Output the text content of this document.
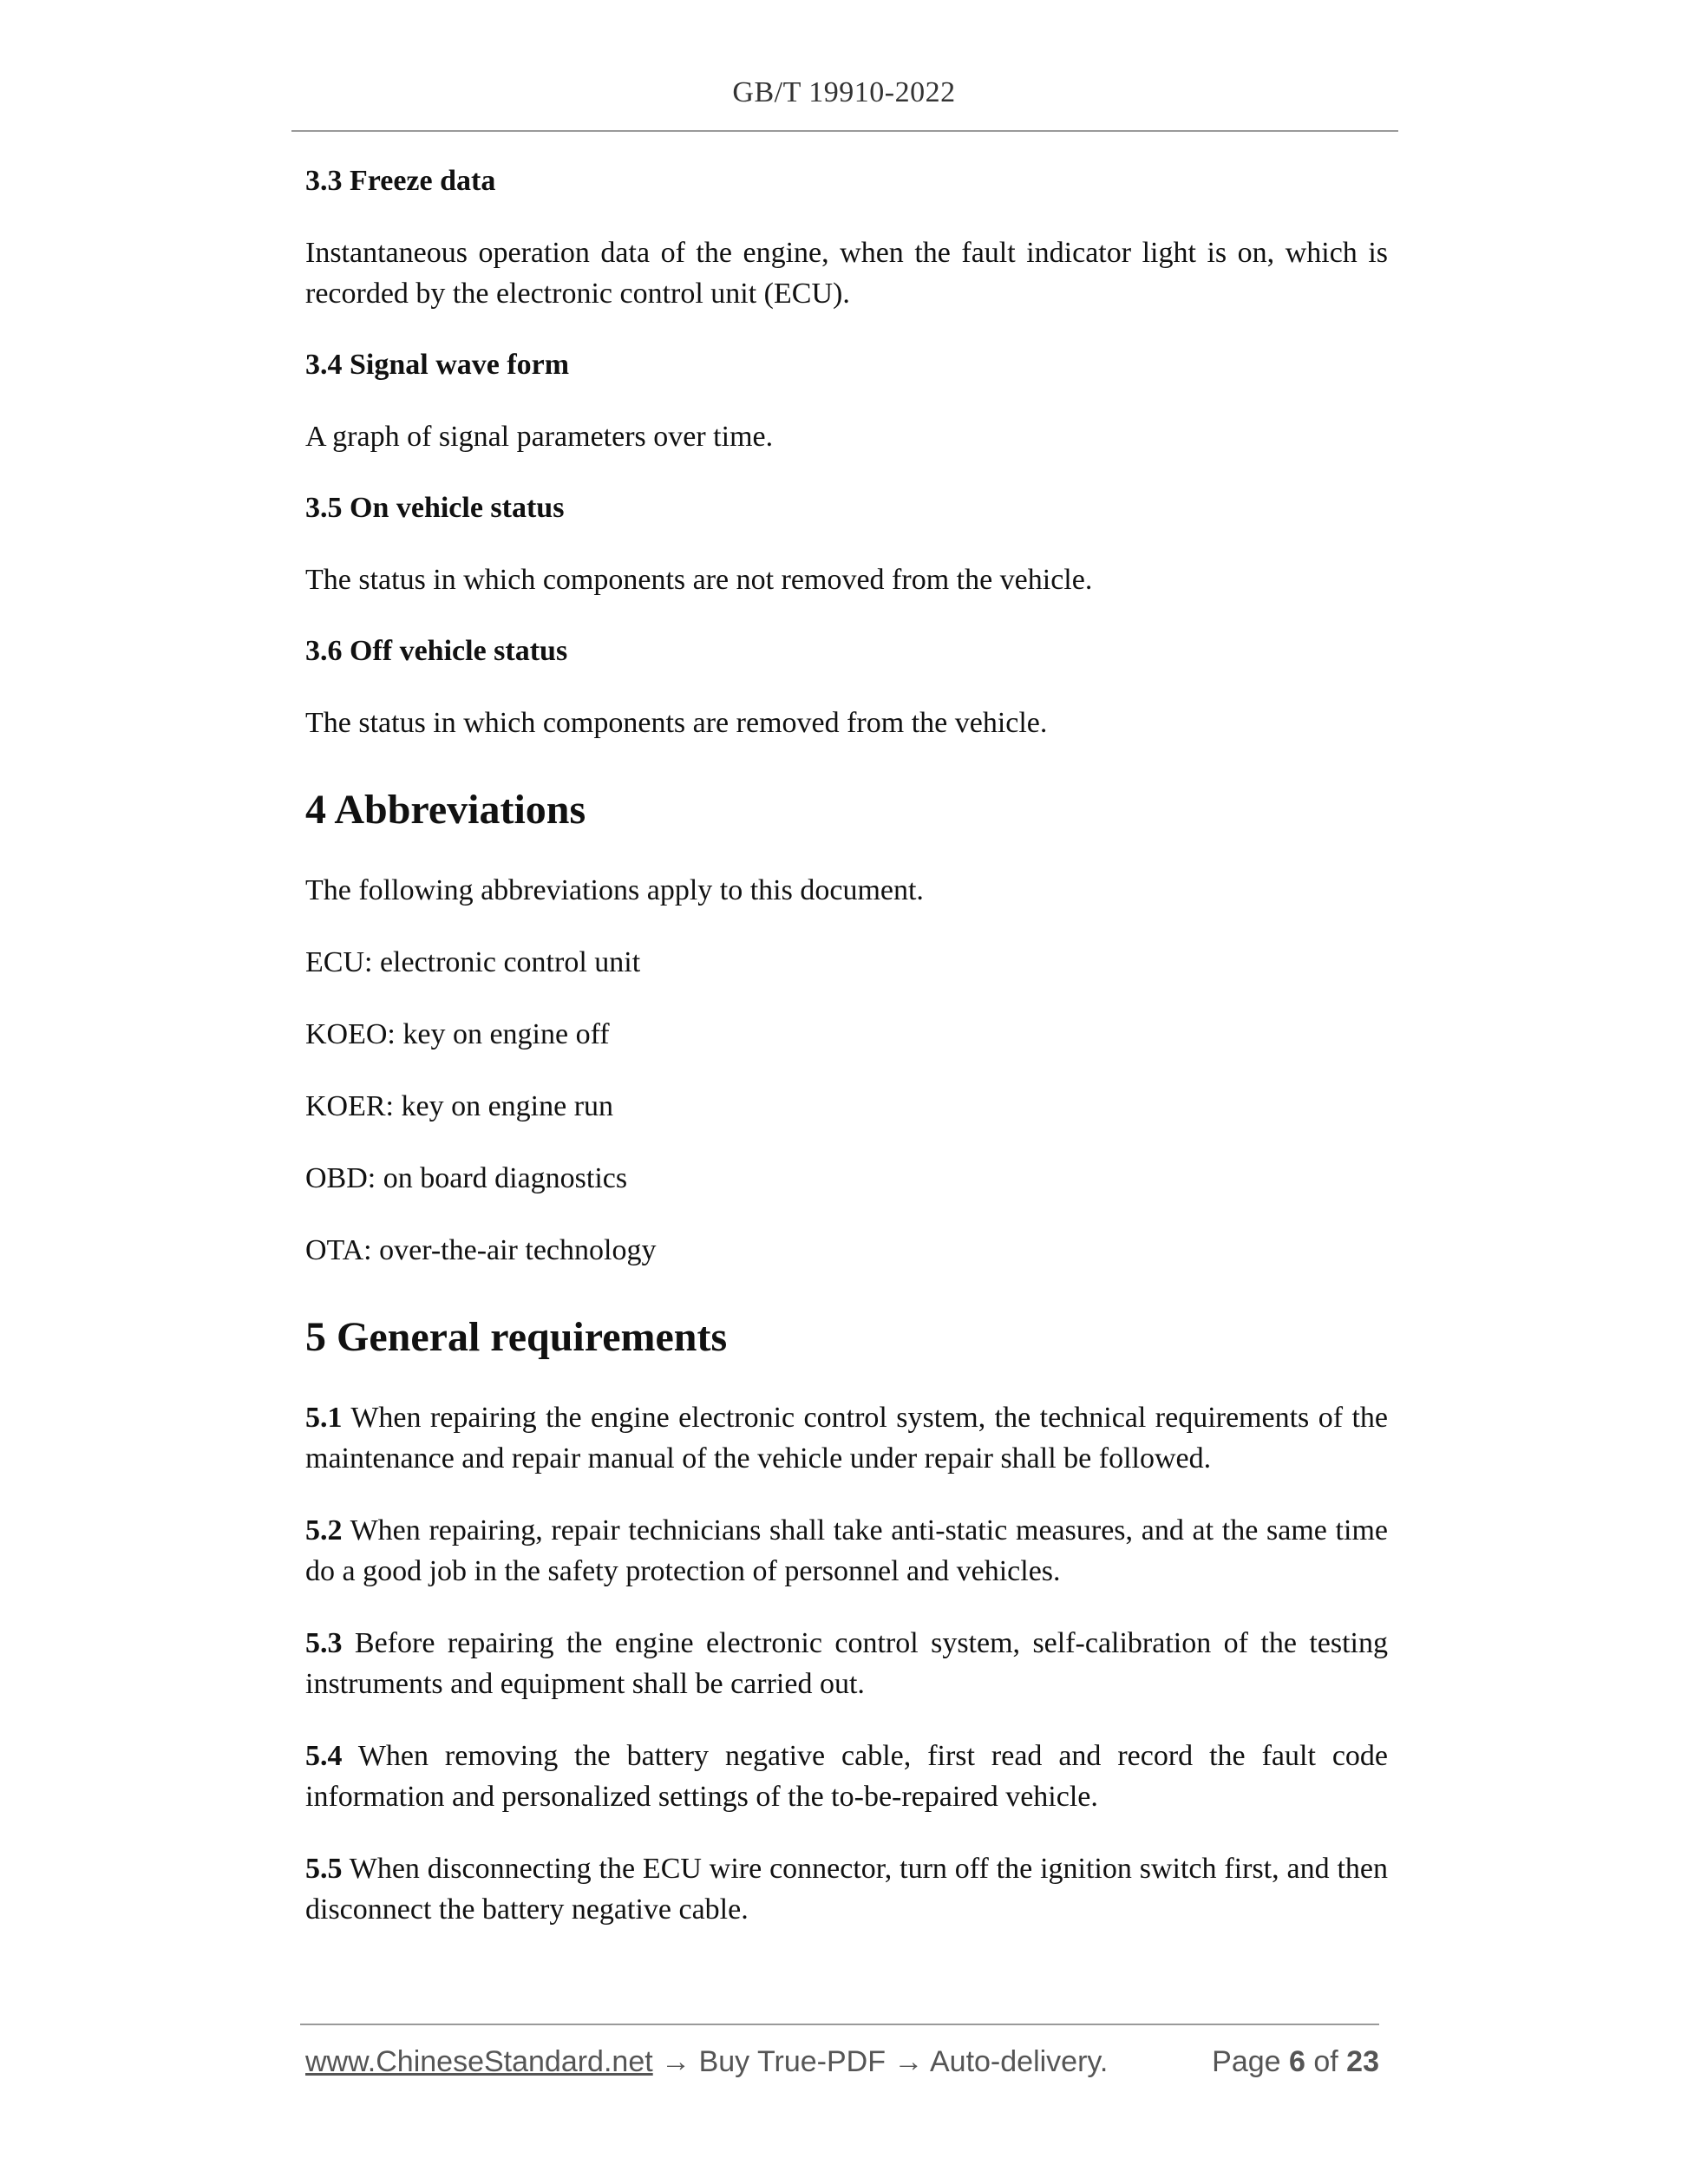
GB/T 19910-2022
3.3 Freeze data
Instantaneous operation data of the engine, when the fault indicator light is on, which is recorded by the electronic control unit (ECU).
3.4 Signal wave form
A graph of signal parameters over time.
3.5 On vehicle status
The status in which components are not removed from the vehicle.
3.6 Off vehicle status
The status in which components are removed from the vehicle.
4 Abbreviations
The following abbreviations apply to this document.
ECU: electronic control unit
KOEO: key on engine off
KOER: key on engine run
OBD: on board diagnostics
OTA: over-the-air technology
5 General requirements
5.1 When repairing the engine electronic control system, the technical requirements of the maintenance and repair manual of the vehicle under repair shall be followed.
5.2 When repairing, repair technicians shall take anti-static measures, and at the same time do a good job in the safety protection of personnel and vehicles.
5.3 Before repairing the engine electronic control system, self-calibration of the testing instruments and equipment shall be carried out.
5.4 When removing the battery negative cable, first read and record the fault code information and personalized settings of the to-be-repaired vehicle.
5.5 When disconnecting the ECU wire connector, turn off the ignition switch first, and then disconnect the battery negative cable.
www.ChineseStandard.net → Buy True-PDF → Auto-delivery.	Page 6 of 23
